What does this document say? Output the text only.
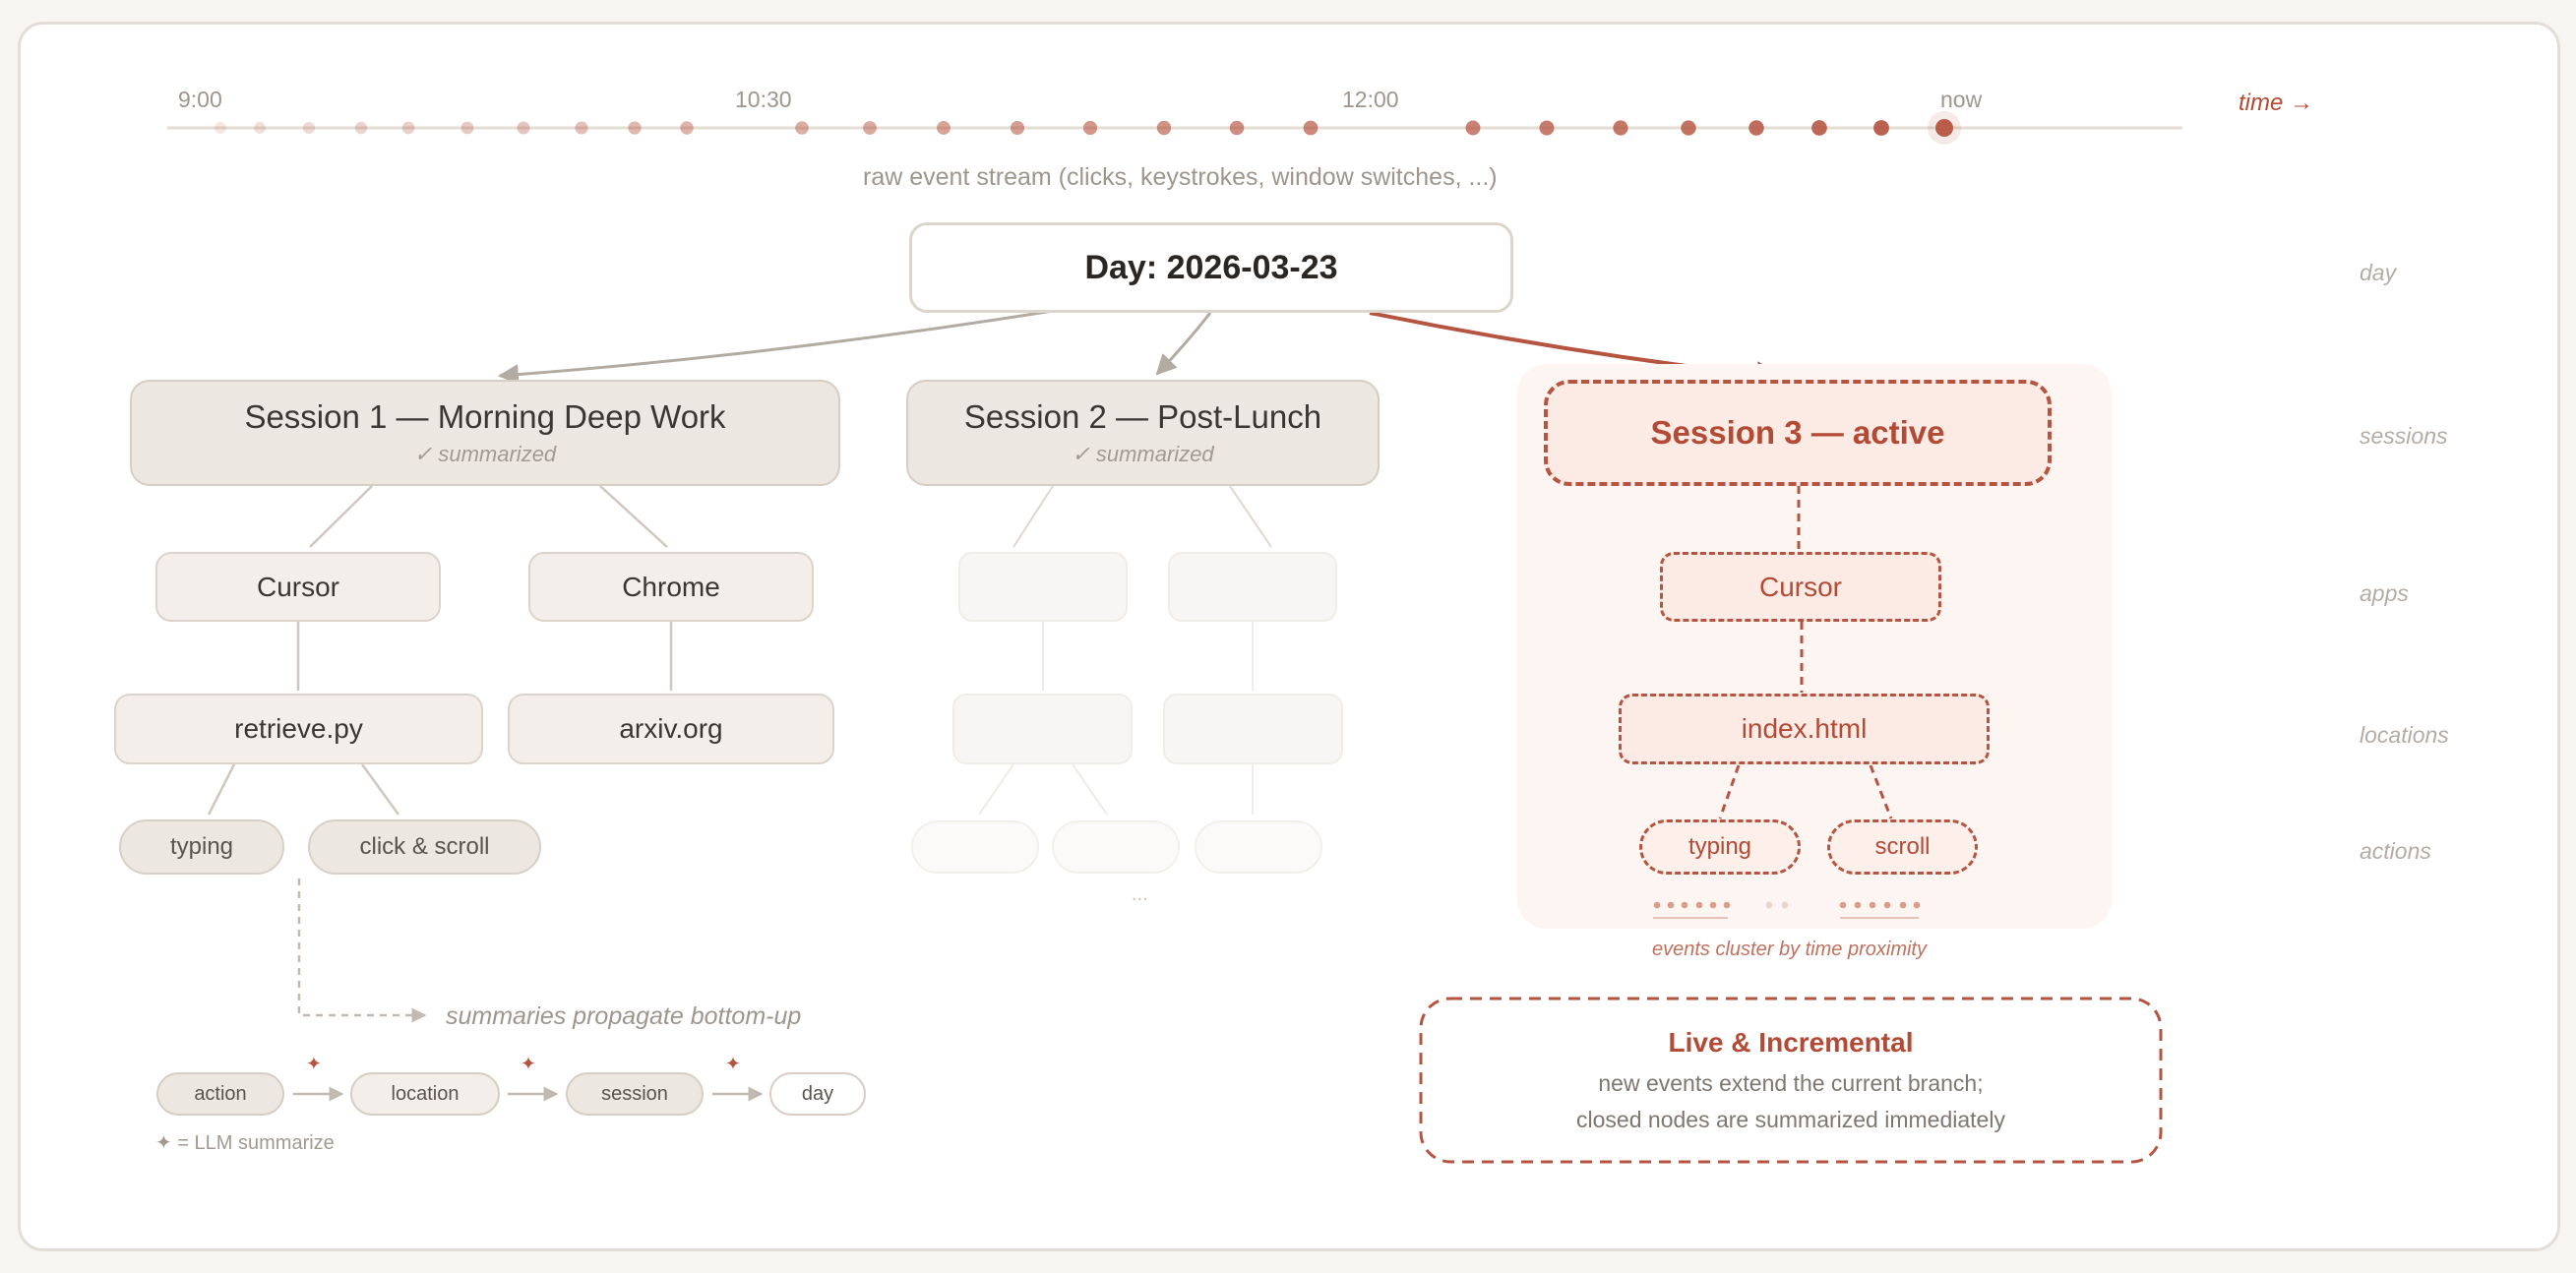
9:00	10:30	12:00	now	time →
raw event stream (clicks, keystrokes, window switches, ...)
Day: 2026-03-23	day
sessions
apps
locations
actions
Session 1 — Morning Deep Work
✓ summarized
Cursor	Chrome
retrieve.py	arxiv.org
typing	click & scroll
Session 2 — Post-Lunch
✓ summarized
...
Session 3 — active
Cursor
index.html
typing	scroll
events cluster by time proximity
summaries propagate bottom-up
action	location	session	day
✦	✦	✦
✦ = LLM summarize
Live & Incremental
new events extend the current branch;
closed nodes are summarized immediately
